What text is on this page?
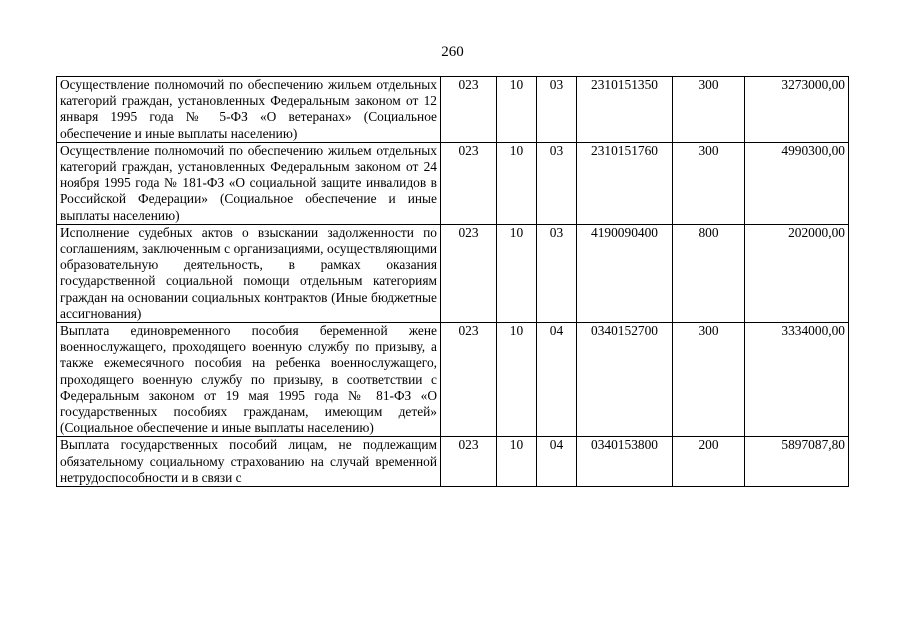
260
Осуществление полномочий по обеспечению жильем отдельных категорий граждан, установленных Федеральным законом от 12 января 1995 года № 5-ФЗ «О ветеранах» (Социальное обеспечение и иные выплаты населению)	023	10	03	2310151350	300	3273000,00
Осуществление полномочий по обеспечению жильем отдельных категорий граждан, установленных Федеральным законом от 24 ноября 1995 года № 181-ФЗ «О социальной защите инвалидов в Российской Федерации» (Социальное обеспечение и иные выплаты населению)	023	10	03	2310151760	300	4990300,00
Исполнение судебных актов о взыскании задолженности по соглашениям, заключенным с организациями, осуществляющими образовательную деятельность, в рамках оказания государственной социальной помощи отдельным категориям граждан на основании социальных контрактов (Иные бюджетные ассигнования)	023	10	03	4190090400	800	202000,00
Выплата единовременного пособия беременной жене военнослужащего, проходящего военную службу по призыву, а также ежемесячного пособия на ребенка военнослужащего, проходящего военную службу по призыву, в соответствии с Федеральным законом от 19 мая 1995 года № 81-ФЗ «О государственных пособиях гражданам, имеющим детей» (Социальное обеспечение и иные выплаты населению)	023	10	04	0340152700	300	3334000,00
Выплата государственных пособий лицам, не подлежащим обязательному социальному страхованию на случай временной нетрудоспособности и в связи с	023	10	04	0340153800	200	5897087,80
